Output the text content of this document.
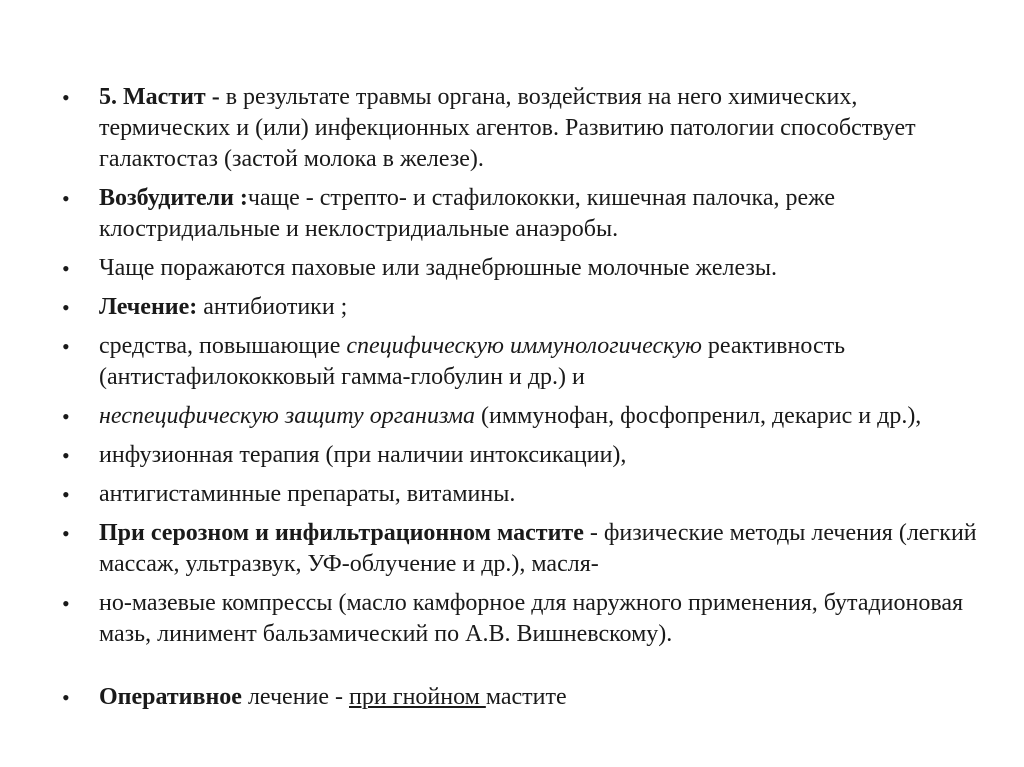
• 5. Мастит - в результате травмы органа, воздействия на него химических, термических и (или) инфекционных агентов. Развитию патологии способствует галактостаз (застой молока в железе).
• Возбудители :чаще - стрепто- и стафилококки, кишечная палочка, реже клостридиальные и неклостридиальные анаэробы.
• Чаще поражаются паховые или заднебрюшные молочные железы.
• Лечение: антибиотики ;
• средства, повышающие специфическую иммунологическую реактивность (антистафилококковый гамма-глобулин и др.) и
• неспецифическую защиту организма (иммунофан, фосфопренил, декарис и др.),
• инфузионная терапия (при наличии интоксикации),
• антигистаминные препараты, витамины.
• При серозном и инфильтрационном мастите - физические методы лечения (легкий массаж, ультразвук, УФ-облучение и др.), масля-
• но-мазевые компрессы (масло камфорное для наружного применения, бутадионовая мазь, линимент бальзамический по А.В. Вишневскому).
• Оперативное лечение - при гнойном мастите
